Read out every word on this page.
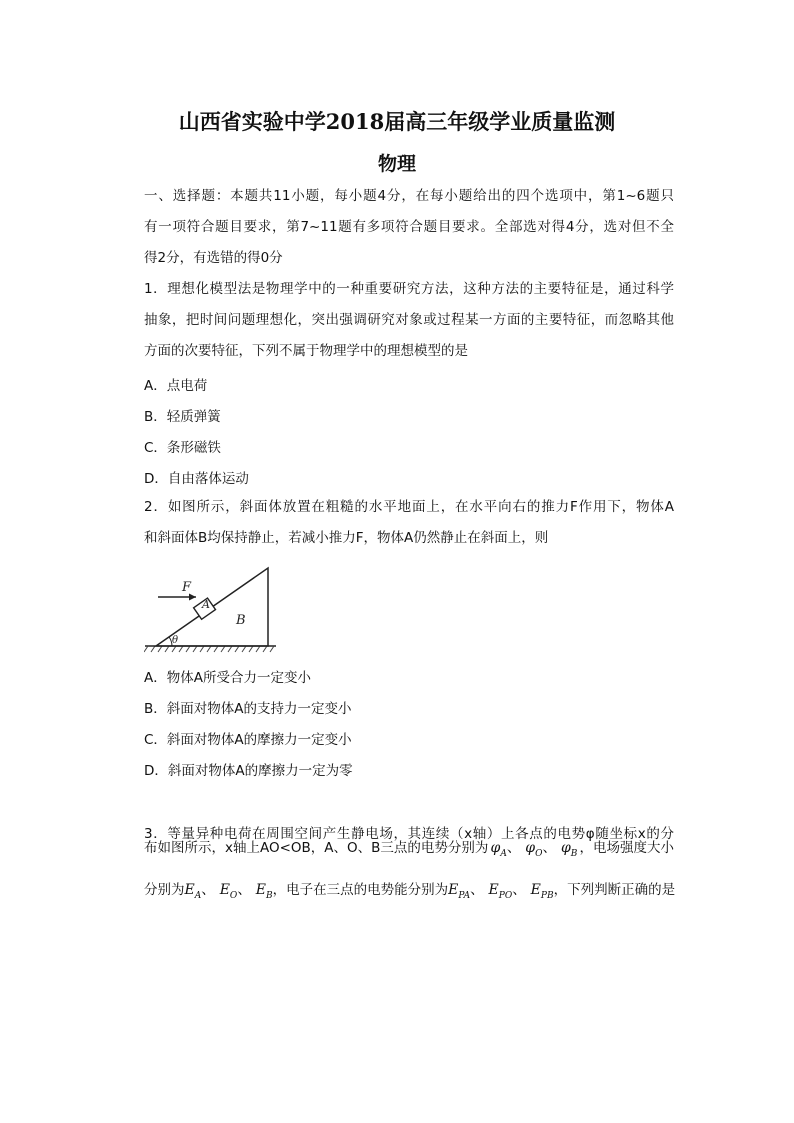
山西省实验中学2018届高三年级学业质量监测
物理
一、选择题：本题共11小题，每小题4分，在每小题给出的四个选项中，第1~6题只
有一项符合题目要求，第7~11题有多项符合题目要求。全部选对得4分，选对但不全
得2分，有选错的得0分
1．理想化模型法是物理学中的一种重要研究方法，这种方法的主要特征是，通过科学
抽象，把时间问题理想化，突出强调研究对象或过程某一方面的主要特征，而忽略其他
方面的次要特征，下列不属于物理学中的理想模型的是
A．点电荷
B．轻质弹簧
C．条形磁铁
D．自由落体运动
2．如图所示，斜面体放置在粗糙的水平地面上，在水平向右的推力F作用下，物体A
和斜面体B均保持静止，若减小推力F，物体A仍然静止在斜面上，则
θ
A
F
B
A．物体A所受合力一定变小
B．斜面对物体A的支持力一定变小
C．斜面对物体A的摩擦力一定变小
D．斜面对物体A的摩擦力一定为零
3．等量异种电荷在周围空间产生静电场，其连续（x轴）上各点的电势φ随坐标x的分
布如图所示，x轴上AO<OB，A、O、B三点的电势分别为 $\varphi_A$、 $\varphi_O$、 $\varphi_B$ ，电场强度大小
分别为 $E_A$、 $E_O$、 $E_B$ ，电子在三点的电势能分别为 $E_{PA}$、 $E_{PO}$、 $E_{PB}$ ，下列判断正确的是
